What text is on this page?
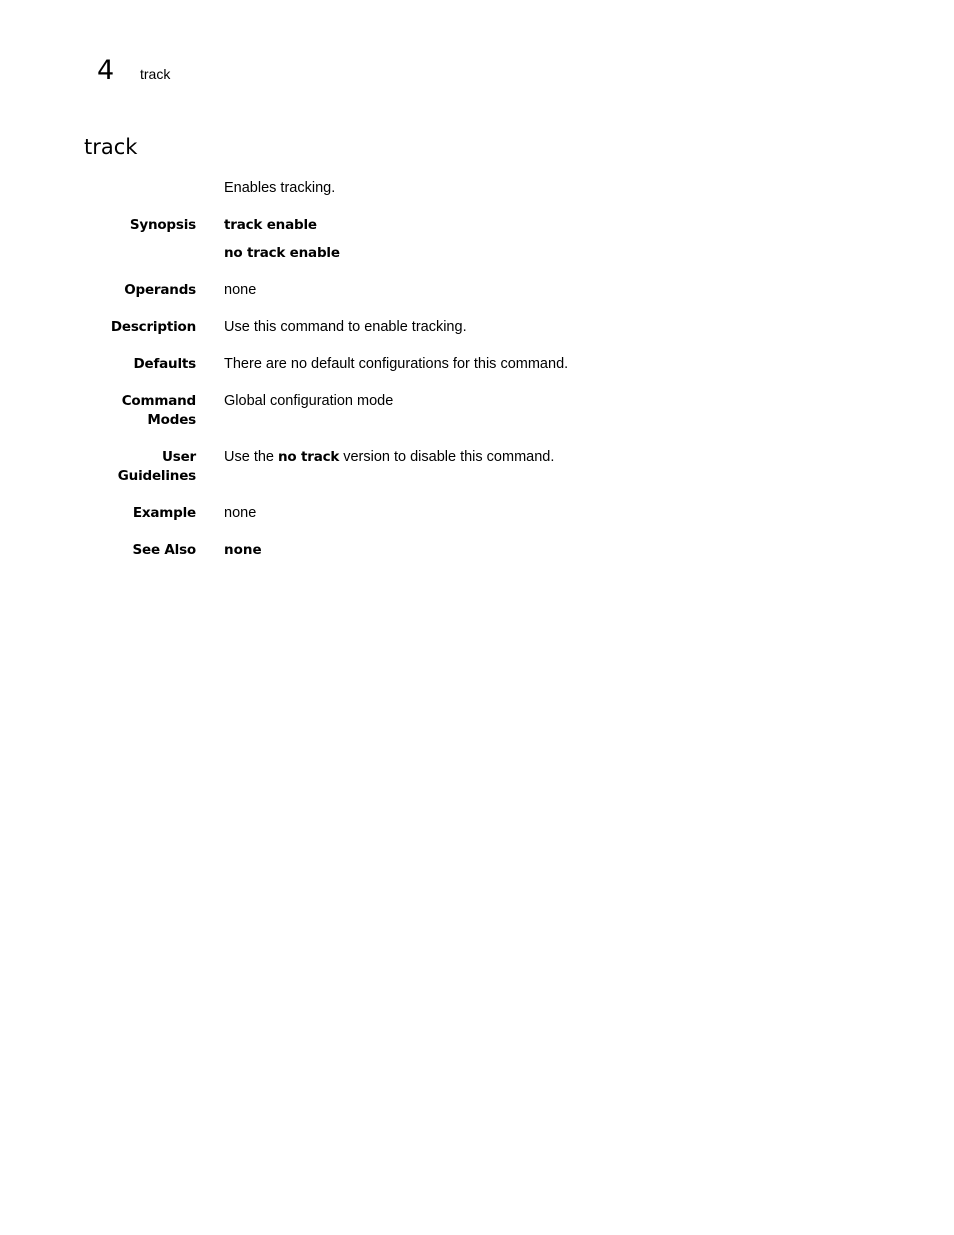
4	track
track
Enables tracking.
Synopsis track enable

no track enable

Operands none
Description Use this command to enable tracking.
Defaults There are no default configurations for this command.
Command
Modes
Global configuration mode
User Guidelines
Use the no track version to disable this command.
Example none
See Also none
